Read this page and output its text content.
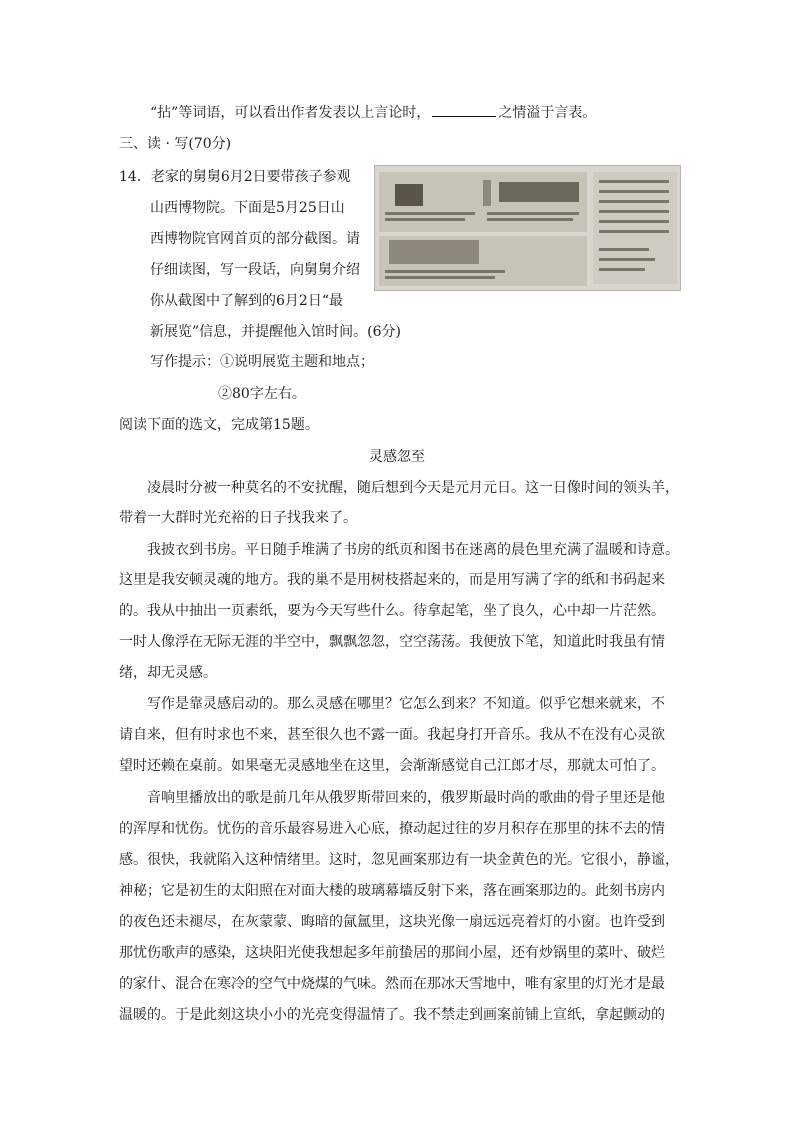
“拈”等词语，可以看出作者发表以上言论时，	之情溢于言表。
三、读 · 写(70分)
14．老家的舅舅6月2日要带孩子参观
山西博物院。下面是5月25日山
西博物院官网首页的部分截图。请
仔细读图，写一段话，向舅舅介绍
你从截图中了解到的6月2日“最
新展览”信息，并提醒他入馆时间。(6分)
写作提示：①说明展览主题和地点；
②80字左右。
阅读下面的选文，完成第15题。
灵感忽至
凌晨时分被一种莫名的不安扰醒，随后想到今天是元月元日。这一日像时间的领头羊，
带着一大群时光充裕的日子找我来了。
我披衣到书房。平日随手堆满了书房的纸页和图书在迷离的晨色里充满了温暖和诗意。
这里是我安顿灵魂的地方。我的巢不是用树枝搭起来的，而是用写满了字的纸和书码起来
的。我从中抽出一页素纸，要为今天写些什么。待拿起笔，坐了良久，心中却一片茫然。
一时人像浮在无际无涯的半空中，飘飘忽忽，空空荡荡。我便放下笔，知道此时我虽有情
绪，却无灵感。
写作是靠灵感启动的。那么灵感在哪里？它怎么到来？不知道。似乎它想来就来，不
请自来，但有时求也不来，甚至很久也不露一面。我起身打开音乐。我从不在没有心灵欲
望时还赖在桌前。如果毫无灵感地坐在这里，会渐渐感觉自己江郎才尽，那就太可怕了。
音响里播放出的歌是前几年从俄罗斯带回来的，俄罗斯最时尚的歌曲的骨子里还是他
的浑厚和忧伤。忧伤的音乐最容易进入心底，撩动起过往的岁月积存在那里的抹不去的情
感。很快，我就陷入这种情绪里。这时，忽见画案那边有一块金黄色的光。它很小，静谧，
神秘；它是初生的太阳照在对面大楼的玻璃幕墙反射下来，落在画案那边的。此刻书房内
的夜色还未褪尽，在灰蒙蒙、晦暗的氤氲里，这块光像一扇远远亮着灯的小窗。也许受到
那忧伤歌声的感染，这块阳光使我想起多年前蛰居的那间小屋，还有炒锅里的菜叶、破烂
的家什、混合在寒冷的空气中烧煤的气味。然而在那冰天雪地中，唯有家里的灯光才是最
温暖的。于是此刻这块小小的光亮变得温情了。我不禁走到画案前铺上宣纸，拿起颤动的
